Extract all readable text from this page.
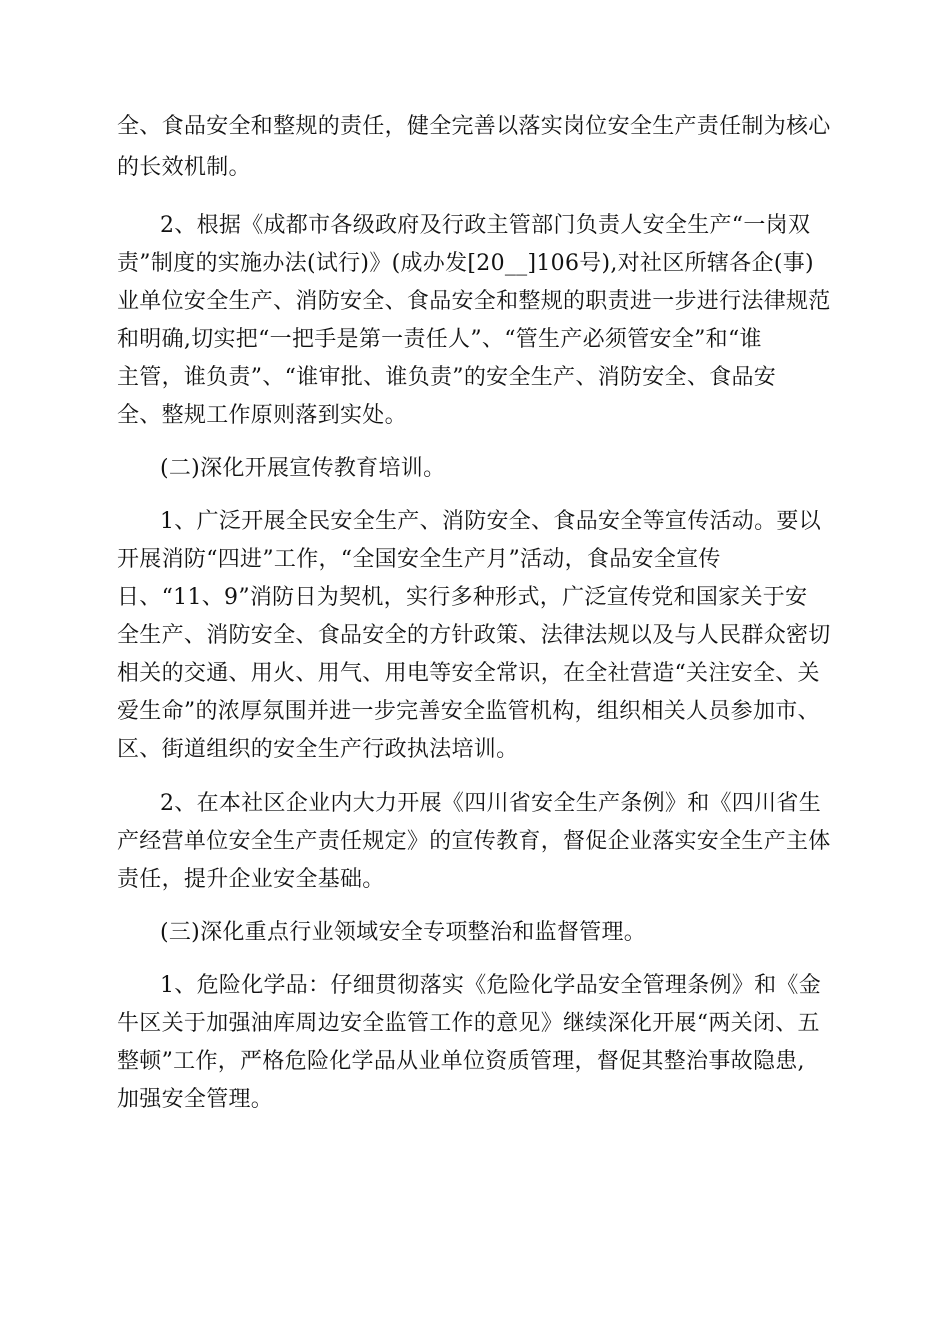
全、食品安全和整规的责任，健全完善以落实岗位安全生产责任制为核心
的长效机制。
2、根据《成都市各级政府及行政主管部门负责人安全生产“一岗双
责”制度的实施办法(试行)》(成办发[20__]106号),对社区所辖各企(事)
业单位安全生产、消防安全、食品安全和整规的职责进一步进行法律规范
和明确,切实把“一把手是第一责任人”、“管生产必须管安全”和“谁
主管，谁负责”、“谁审批、谁负责”的安全生产、消防安全、食品安
全、整规工作原则落到实处。
(二)深化开展宣传教育培训。
1、广泛开展全民安全生产、消防安全、食品安全等宣传活动。要以
开展消防“四进”工作，“全国安全生产月”活动，食品安全宣传
日、“11、9”消防日为契机，实行多种形式，广泛宣传党和国家关于安
全生产、消防安全、食品安全的方针政策、法律法规以及与人民群众密切
相关的交通、用火、用气、用电等安全常识，在全社营造“关注安全、关
爱生命”的浓厚氛围并进一步完善安全监管机构，组织相关人员参加市、
区、街道组织的安全生产行政执法培训。
2、在本社区企业内大力开展《四川省安全生产条例》和《四川省生
产经营单位安全生产责任规定》的宣传教育，督促企业落实安全生产主体
责任，提升企业安全基础。
(三)深化重点行业领域安全专项整治和监督管理。
1、危险化学品：仔细贯彻落实《危险化学品安全管理条例》和《金
牛区关于加强油库周边安全监管工作的意见》继续深化开展“两关闭、五
整顿”工作，严格危险化学品从业单位资质管理，督促其整治事故隐患,
加强安全管理。
